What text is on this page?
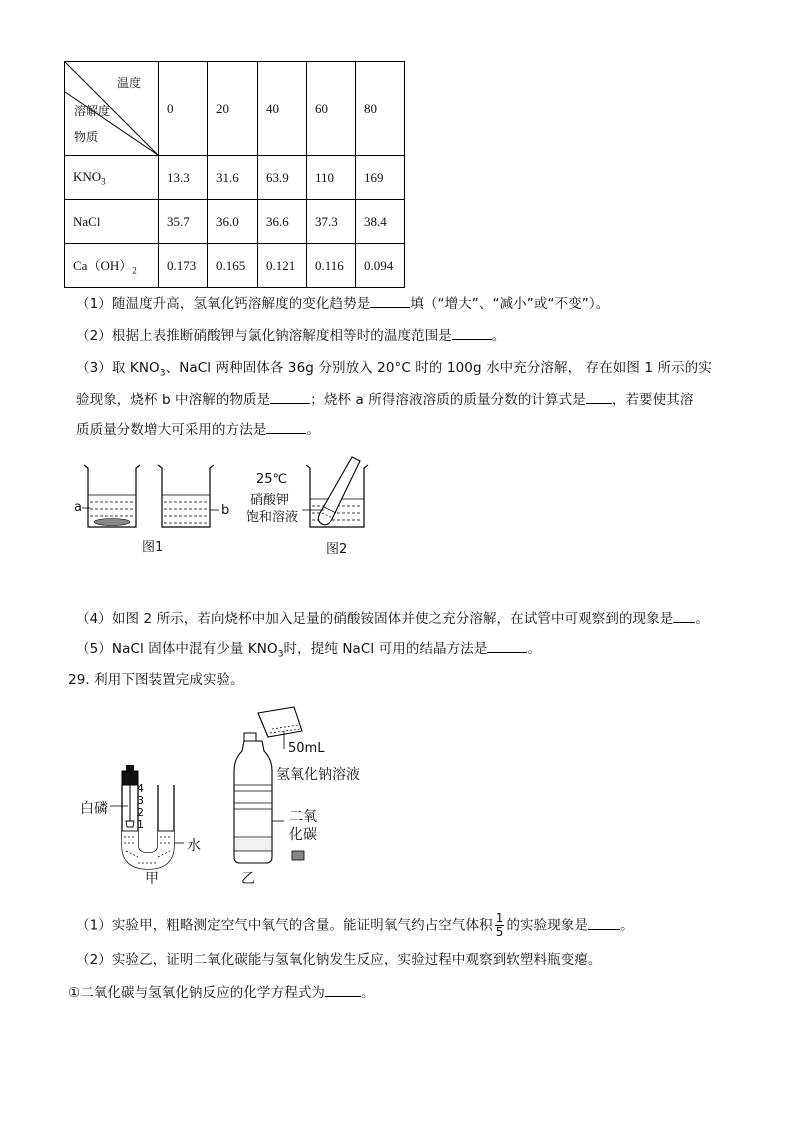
温度
溶解度
物质	0	20	40	60	80
$KNO_3$	13.3	31.6	63.9	110	169
NaCl	35.7	36.0	36.6	37.3	38.4
$Ca(OH)_2$	0.173	0.165	0.121	0.116	0.094
（1）随温度升高，氢氧化钙溶解度的变化趋势是	填（“增大”、“减小”或“不变”）。
（2）根据上表推断硝酸钾与氯化钠溶解度相等时的温度范围是	。
（3）取 $KNO_3$、NaCl 两种固体各 36g 分别放入 20°C 时的 100g 水中充分溶解， 存在如图 1 所示的实
验现象，烧杯 b 中溶解的物质是	；烧杯 a 所得溶液溶质的质量分数的计算式是 ，若要使其溶
质质量分数增大可采用的方法是	。
a	b
图1
25℃
硝酸钾
饱和溶液
图2
（4）如图 2 所示，若向烧杯中加入足量的硝酸铵固体并使之充分溶解，在试管中可观察到的现象是 。
（5）NaCl 固体中混有少量 $KNO_3$时，提纯 NaCl 可用的结晶方法是	。
29. 利用下图装置完成实验。
4
3
2
1
白磷
水
甲
50mL
氢氧化钠溶液
二氧
化碳
乙
（1）实验甲，粗略测定空气中氧气的含量。能证明氧气约占空气体积 $\frac{1}{5}$ 的实验现象是 。
（2）实验乙，证明二氧化碳能与氢氧化钠发生反应，实验过程中观察到软塑料瓶变瘪。
①二氧化碳与氢氧化钠反应的化学方程式为	。
